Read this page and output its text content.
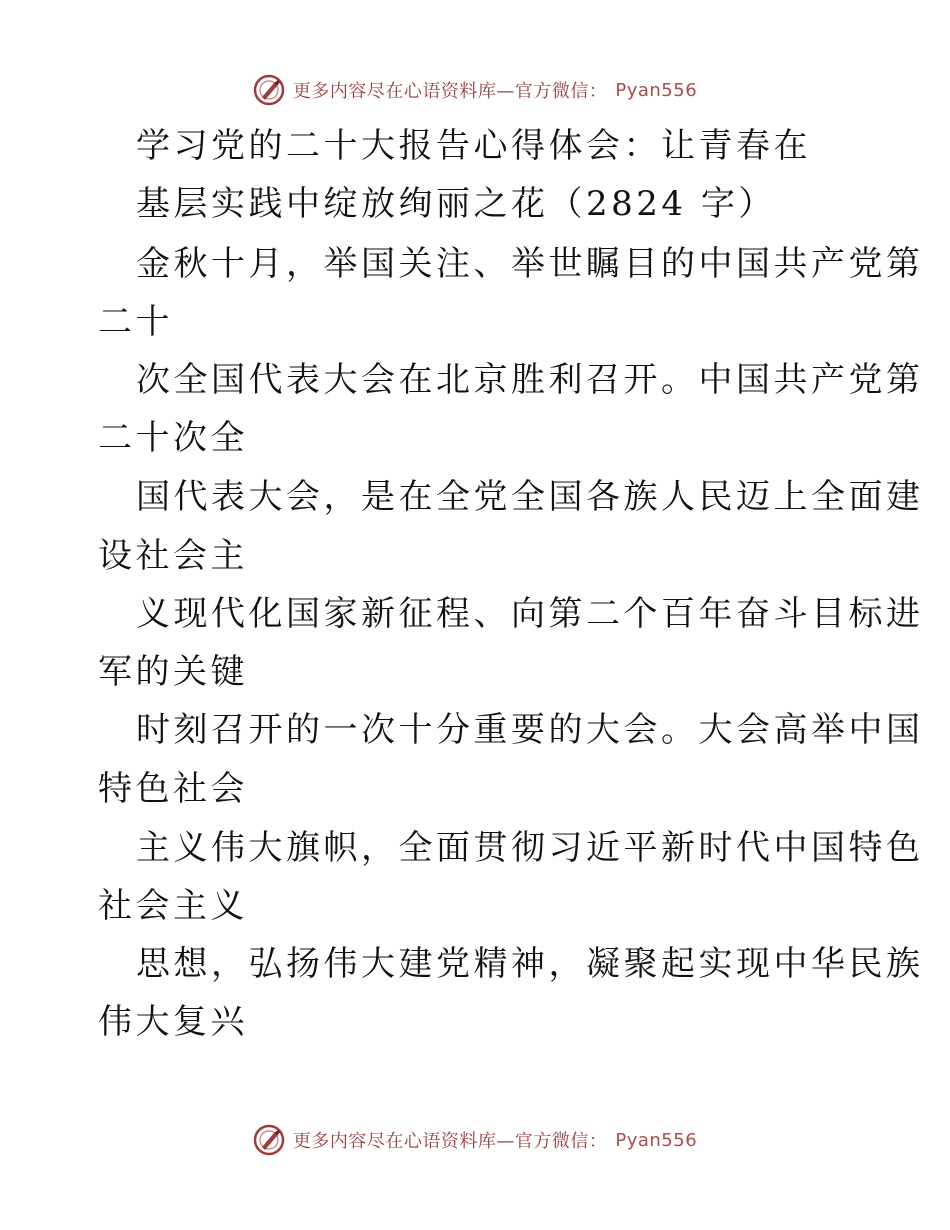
更多内容尽在心语资料库—官方微信： Pyan556
学习党的二十大报告心得体会：让青春在
基层实践中绽放绚丽之花（2824 字）
金秋十月，举国关注、举世瞩目的中国共产党第
二十
次全国代表大会在北京胜利召开。中国共产党第
二十次全
国代表大会，是在全党全国各族人民迈上全面建
设社会主
义现代化国家新征程、向第二个百年奋斗目标进
军的关键
时刻召开的一次十分重要的大会。大会高举中国
特色社会
主义伟大旗帜，全面贯彻习近平新时代中国特色
社会主义
思想，弘扬伟大建党精神，凝聚起实现中华民族
伟大复兴
更多内容尽在心语资料库—官方微信： Pyan556
